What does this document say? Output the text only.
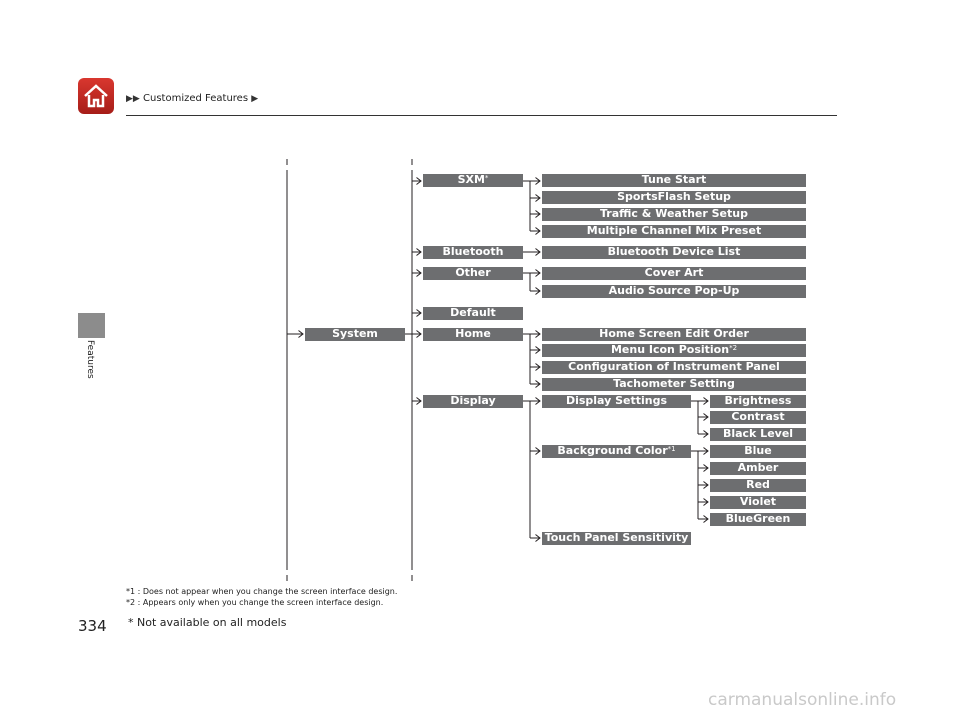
▶▶ Customized Features ▶
Features
System
SXM*
Bluetooth
Other
Default
Home
Display
Tune Start
SportsFlash Setup
Traffic & Weather Setup
Multiple Channel Mix Preset
Bluetooth Device List
Cover Art
Audio Source Pop-Up
Home Screen Edit Order
Menu Icon Position$^{*2}$
Configuration of Instrument Panel
Tachometer Setting
Display Settings
Background Color$^{*1}$
Touch Panel Sensitivity
Brightness
Contrast
Black Level
Blue
Amber
Red
Violet
BlueGreen
*1 : Does not appear when you change the screen interface design.
*2 : Appears only when you change the screen interface design.
334 * Not available on all models
carmanualsonline.info
